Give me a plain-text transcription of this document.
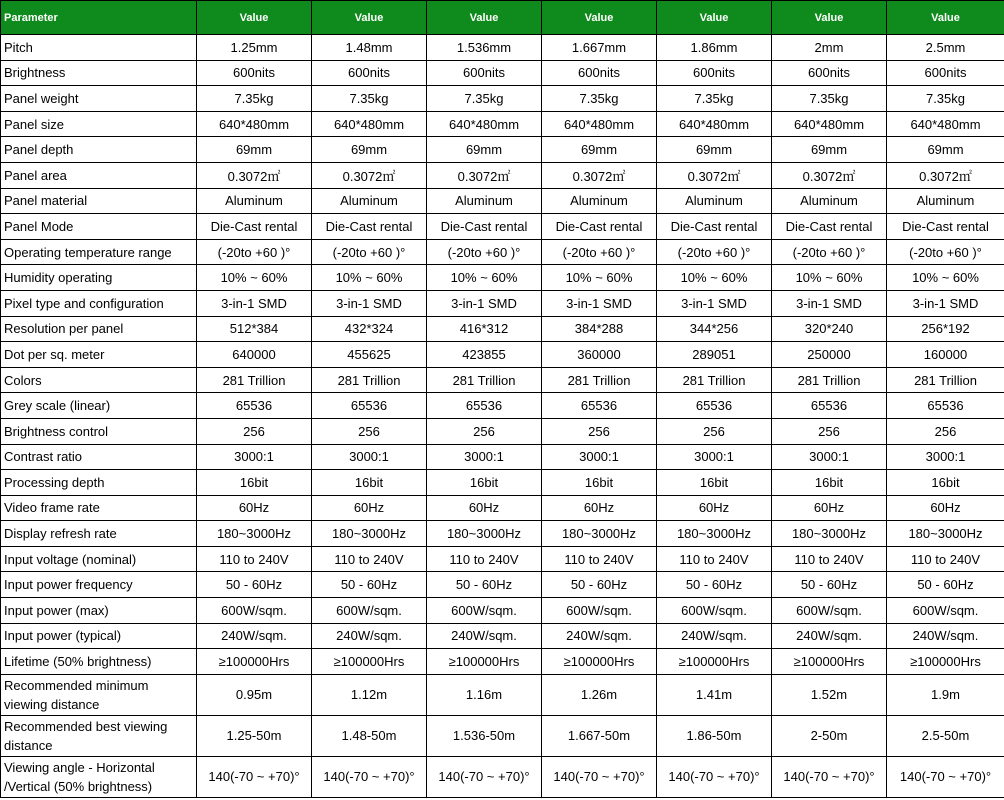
Parameter	Value	Value	Value	Value	Value	Value	Value
Pitch	1.25mm	1.48mm	1.536mm	1.667mm	1.86mm	2mm	2.5mm
Brightness	600nits	600nits	600nits	600nits	600nits	600nits	600nits
Panel weight	7.35kg	7.35kg	7.35kg	7.35kg	7.35kg	7.35kg	7.35kg
Panel size	640*480mm	640*480mm	640*480mm	640*480mm	640*480mm	640*480mm	640*480mm
Panel depth	69mm	69mm	69mm	69mm	69mm	69mm	69mm
Panel area	0.3072㎡	0.3072㎡	0.3072㎡	0.3072㎡	0.3072㎡	0.3072㎡	0.3072㎡
Panel material	Aluminum	Aluminum	Aluminum	Aluminum	Aluminum	Aluminum	Aluminum
Panel Mode	Die-Cast rental	Die-Cast rental	Die-Cast rental	Die-Cast rental	Die-Cast rental	Die-Cast rental	Die-Cast rental
Operating temperature range	(-20to +60 )°	(-20to +60 )°	(-20to +60 )°	(-20to +60 )°	(-20to +60 )°	(-20to +60 )°	(-20to +60 )°
Humidity operating	10% ~ 60%	10% ~ 60%	10% ~ 60%	10% ~ 60%	10% ~ 60%	10% ~ 60%	10% ~ 60%
Pixel type and configuration	3-in-1 SMD	3-in-1 SMD	3-in-1 SMD	3-in-1 SMD	3-in-1 SMD	3-in-1 SMD	3-in-1 SMD
Resolution per panel	512*384	432*324	416*312	384*288	344*256	320*240	256*192
Dot per sq. meter	640000	455625	423855	360000	289051	250000	160000
Colors	281 Trillion	281 Trillion	281 Trillion	281 Trillion	281 Trillion	281 Trillion	281 Trillion
Grey scale (linear)	65536	65536	65536	65536	65536	65536	65536
Brightness control	256	256	256	256	256	256	256
Contrast ratio	3000:1	3000:1	3000:1	3000:1	3000:1	3000:1	3000:1
Processing depth	16bit	16bit	16bit	16bit	16bit	16bit	16bit
Video frame rate	60Hz	60Hz	60Hz	60Hz	60Hz	60Hz	60Hz
Display refresh rate	180~3000Hz	180~3000Hz	180~3000Hz	180~3000Hz	180~3000Hz	180~3000Hz	180~3000Hz
Input voltage (nominal)	110 to 240V	110 to 240V	110 to 240V	110 to 240V	110 to 240V	110 to 240V	110 to 240V
Input power frequency	50 - 60Hz	50 - 60Hz	50 - 60Hz	50 - 60Hz	50 - 60Hz	50 - 60Hz	50 - 60Hz
Input power (max)	600W/sqm.	600W/sqm.	600W/sqm.	600W/sqm.	600W/sqm.	600W/sqm.	600W/sqm.
Input power (typical)	240W/sqm.	240W/sqm.	240W/sqm.	240W/sqm.	240W/sqm.	240W/sqm.	240W/sqm.
Lifetime (50% brightness)	≥100000Hrs	≥100000Hrs	≥100000Hrs	≥100000Hrs	≥100000Hrs	≥100000Hrs	≥100000Hrs
Recommended minimum viewing distance	0.95m	1.12m	1.16m	1.26m	1.41m	1.52m	1.9m
Recommended best viewing distance	1.25-50m	1.48-50m	1.536-50m	1.667-50m	1.86-50m	2-50m	2.5-50m
Viewing angle - Horizontal /Vertical (50% brightness)	140(-70 ~ +70)°	140(-70 ~ +70)°	140(-70 ~ +70)°	140(-70 ~ +70)°	140(-70 ~ +70)°	140(-70 ~ +70)°	140(-70 ~ +70)°
